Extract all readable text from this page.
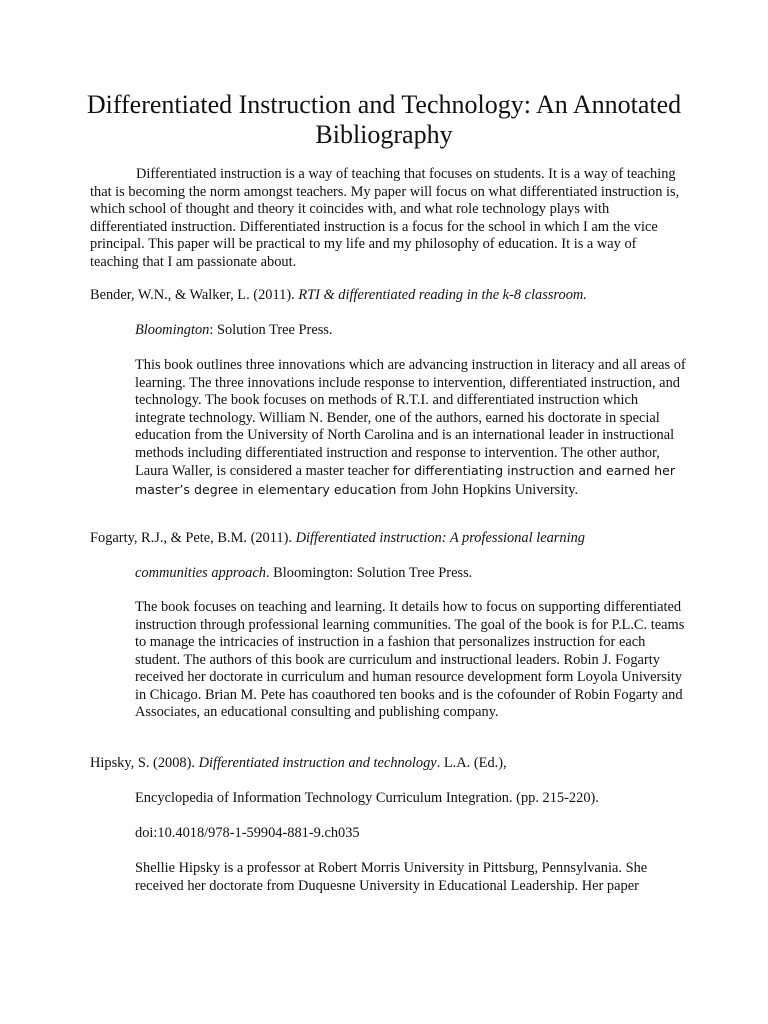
Differentiated Instruction and Technology: An Annotated Bibliography

Differentiated instruction is a way of teaching that focuses on students. It is a way of teaching that is becoming the norm amongst teachers. My paper will focus on what differentiated instruction is, which school of thought and theory it coincides with, and what role technology plays with differentiated instruction. Differentiated instruction is a focus for the school in which I am the vice principal. This paper will be practical to my life and my philosophy of education. It is a way of teaching that I am passionate about.

Bender, W.N., & Walker, L. (2011). RTI & differentiated reading in the k-8 classroom.
Bloomington: Solution Tree Press.

This book outlines three innovations which are advancing instruction in literacy and all areas of learning. The three innovations include response to intervention, differentiated instruction, and technology. The book focuses on methods of R.T.I. and differentiated instruction which integrate technology. William N. Bender, one of the authors, earned his doctorate in special education from the University of North Carolina and is an international leader in instructional methods including differentiated instruction and response to intervention. The other author, Laura Waller, is considered a master teacher for differentiating instruction and earned her master’s degree in elementary education from John Hopkins University.

Fogarty, R.J., & Pete, B.M. (2011). Differentiated instruction: A professional learning
communities approach. Bloomington: Solution Tree Press.

The book focuses on teaching and learning. It details how to focus on supporting differentiated instruction through professional learning communities. The goal of the book is for P.L.C. teams to manage the intricacies of instruction in a fashion that personalizes instruction for each student. The authors of this book are curriculum and instructional leaders. Robin J. Fogarty received her doctorate in curriculum and human resource development form Loyola University in Chicago. Brian M. Pete has coauthored ten books and is the cofounder of Robin Fogarty and Associates, an educational consulting and publishing company.

Hipsky, S. (2008). Differentiated instruction and technology. L.A. (Ed.),
Encyclopedia of Information Technology Curriculum Integration. (pp. 215-220).
doi:10.4018/978-1-59904-881-9.ch035

Shellie Hipsky is a professor at Robert Morris University in Pittsburg, Pennsylvania. She received her doctorate from Duquesne University in Educational Leadership. Her paper
